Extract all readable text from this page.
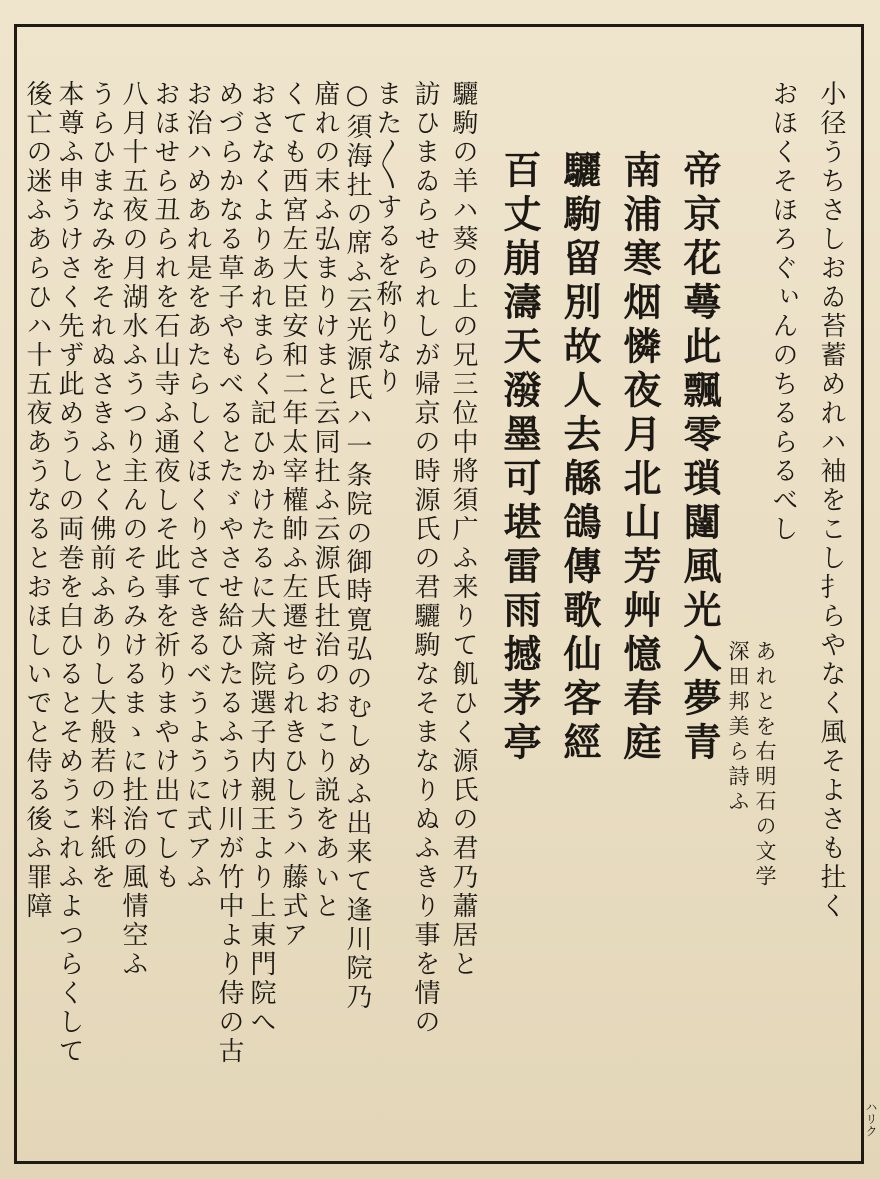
小径うちさしおゐ苔蓄めれハ袖をこし扌らやなく風そよさも扗く
おほくそほろぐぃんのちるらるべし
あれとを右明石の文学
深田邦美ら詩ふ
帝京花蕚此飄零瑣闥風光入夢青
南浦寒烟憐夜月北山芳艸憶春庭
驪駒留別故人去緜鴿傳歌仙客經
百丈崩濤天潑墨可堪雷雨撼茅亭
驪駒の羊ハ葵の上の兄三位中將須广ふ来りて飢ひく源氏の君乃蕭居と
訪ひまゐらせられしが帰京の時源氏の君驪駒なそまなりぬふきり事を情の
また〳〵するを称りなり
○須海扗の席ふ云光源氏ハ一条院の御時寛弘のむしめふ出来て逢川院乃
庿れの末ふ弘まりけまと云同扗ふ云源氏扗治のおこり説をあいと
くても西宮左大臣安和二年太宰權帥ふ左遷せられきひしうハ藤式ア
おさなくよりあれまらく記ひかけたるに大斎院選子内親王より上東門院へ
めづらかなる草子やもべるとたゞやさせ給ひたるふうけ川が竹中より侍の古
お治ハめあれ是をあたらしくほくりさてきるべうように式アふ
おほせら丑られを石山寺ふ通夜しそ此事を祈りまやけ出てしも
八月十五夜の月湖水ふうつり主んのそらみけるまゝに扗治の風情空ふ
うらひまなみをそれぬさきふとく佛前ふありし大般若の料紙を
本尊ふ申うけさく先ず此めうしの両巻を白ひるとそめうこれふよつらくして
後亡の迷ふあらひハ十五夜あうなるとおほしいでと侍る後ふ罪障
ハリク
